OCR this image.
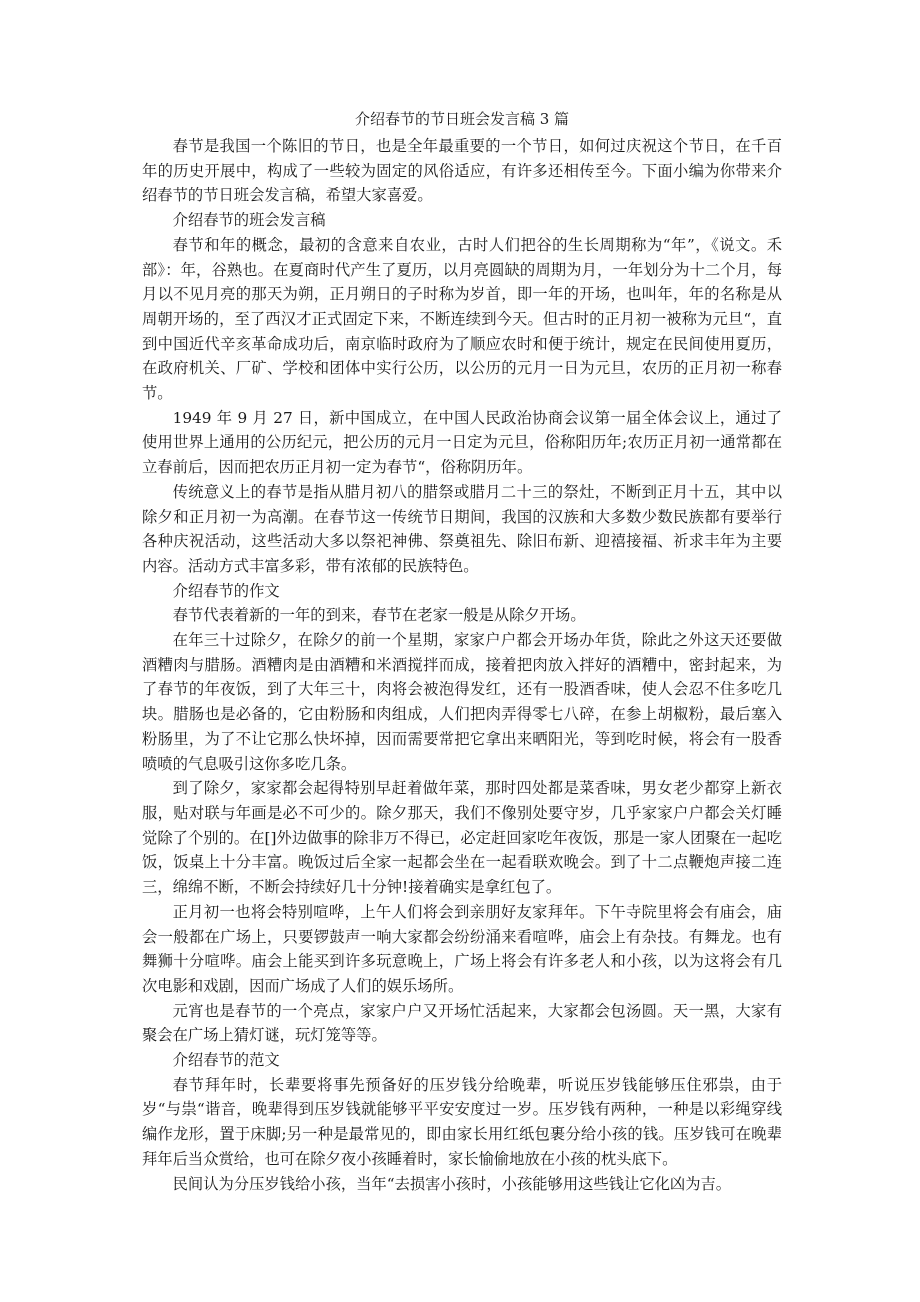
介绍春节的节日班会发言稿 3 篇

春节是我国一个陈旧的节日，也是全年最重要的一个节日，如何过庆祝这个节日，在千百年的历史开展中，构成了一些较为固定的风俗适应，有许多还相传至今。下面小编为你带来介绍春节的节日班会发言稿，希望大家喜爱。

介绍春节的班会发言稿

春节和年的概念，最初的含意来自农业，古时人们把谷的生长周期称为“年”，《说文。禾部》：年，谷熟也。在夏商时代产生了夏历，以月亮圆缺的周期为月，一年划分为十二个月，每月以不见月亮的那天为朔，正月朔日的子时称为岁首，即一年的开场，也叫年，年的名称是从周朝开场的，至了西汉才正式固定下来，不断连续到今天。但古时的正月初一被称为元旦“，直到中国近代辛亥革命成功后，南京临时政府为了顺应农时和便于统计，规定在民间使用夏历，在政府机关、厂矿、学校和团体中实行公历，以公历的元月一日为元旦，农历的正月初一称春节。

1949 年 9 月 27 日，新中国成立，在中国人民政治协商会议第一届全体会议上，通过了使用世界上通用的公历纪元，把公历的元月一日定为元旦，俗称阳历年;农历正月初一通常都在立春前后，因而把农历正月初一定为春节“，俗称阴历年。

传统意义上的春节是指从腊月初八的腊祭或腊月二十三的祭灶，不断到正月十五，其中以除夕和正月初一为高潮。在春节这一传统节日期间，我国的汉族和大多数少数民族都有要举行各种庆祝活动，这些活动大多以祭祀神佛、祭奠祖先、除旧布新、迎禧接福、祈求丰年为主要内容。活动方式丰富多彩，带有浓郁的民族特色。

介绍春节的作文

春节代表着新的一年的到来，春节在老家一般是从除夕开场。

在年三十过除夕，在除夕的前一个星期，家家户户都会开场办年货，除此之外这天还要做酒糟肉与腊肠。酒糟肉是由酒糟和米酒搅拌而成，接着把肉放入拌好的酒糟中，密封起来，为了春节的年夜饭，到了大年三十，肉将会被泡得发红，还有一股酒香味，使人会忍不住多吃几块。腊肠也是必备的，它由粉肠和肉组成，人们把肉弄得零七八碎，在参上胡椒粉，最后塞入粉肠里，为了不让它那么快坏掉，因而需要常把它拿出来晒阳光，等到吃时候，将会有一股香喷喷的气息吸引这你多吃几条。

到了除夕，家家都会起得特别早赶着做年菜，那时四处都是菜香味，男女老少都穿上新衣服，贴对联与年画是必不可少的。除夕那天，我们不像别处要守岁，几乎家家户户都会关灯睡觉除了个别的。在[]外边做事的除非万不得已，必定赶回家吃年夜饭，那是一家人团聚在一起吃饭，饭桌上十分丰富。晚饭过后全家一起都会坐在一起看联欢晚会。到了十二点鞭炮声接二连三，绵绵不断，不断会持续好几十分钟!接着确实是拿红包了。

正月初一也将会特别喧哗，上午人们将会到亲朋好友家拜年。下午寺院里将会有庙会，庙会一般都在广场上，只要锣鼓声一响大家都会纷纷涌来看喧哗，庙会上有杂技。有舞龙。也有舞狮十分喧哗。庙会上能买到许多玩意晚上，广场上将会有许多老人和小孩，以为这将会有几次电影和戏剧，因而广场成了人们的娱乐场所。

元宵也是春节的一个亮点，家家户户又开场忙活起来，大家都会包汤圆。天一黑，大家有聚会在广场上猜灯谜，玩灯笼等等。

介绍春节的范文

春节拜年时，长辈要将事先预备好的压岁钱分给晚辈，听说压岁钱能够压住邪祟，由于岁“与祟“谐音，晚辈得到压岁钱就能够平平安安度过一岁。压岁钱有两种，一种是以彩绳穿线编作龙形，置于床脚;另一种是最常见的，即由家长用红纸包裹分给小孩的钱。压岁钱可在晚辈拜年后当众赏给，也可在除夕夜小孩睡着时，家长愉偷地放在小孩的枕头底下。

民间认为分压岁钱给小孩，当年“去损害小孩时，小孩能够用这些钱让它化凶为吉。
